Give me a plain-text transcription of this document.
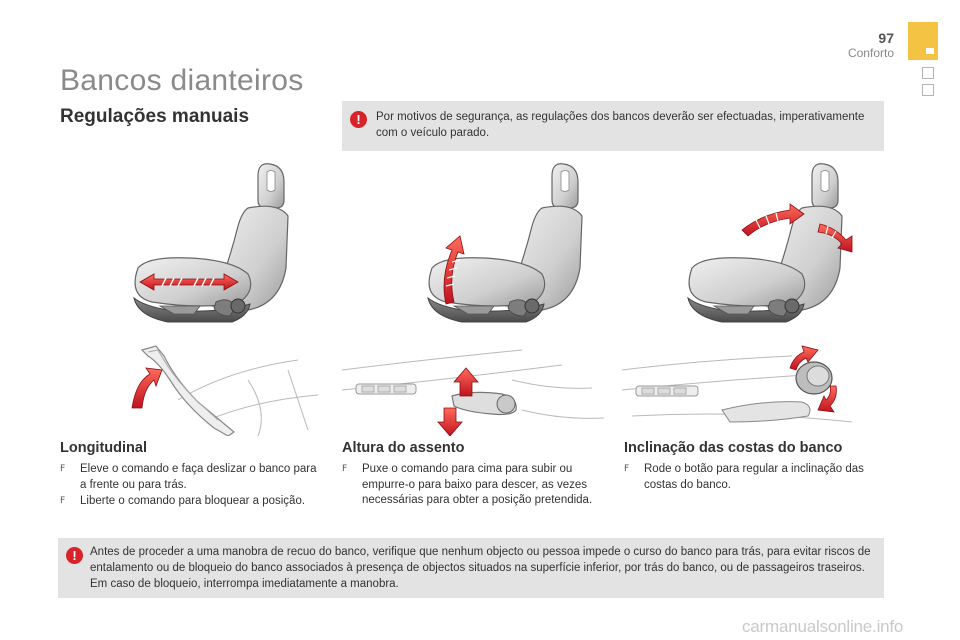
97
Conforto
Bancos dianteiros
Regulações manuais	!	Por motivos de segurança, as regulações dos bancos deverão ser efectuadas, imperativamente com o veículo parado.

Longitudinal
F Eleve o comando e faça deslizar o banco para a frente ou para trás.
F Liberte o comando para bloquear a posição.
Altura do assento
F Puxe o comando para cima para subir ou empurre-o para baixo para descer, as vezes necessárias para obter a posição pretendida.
Inclinação das costas do banco
F Rode o botão para regular a inclinação das costas do banco.
!	Antes de proceder a uma manobra de recuo do banco, verifique que nenhum objecto ou pessoa impede o curso do banco para trás, para evitar riscos de entalamento ou de bloqueio do banco associados à presença de objectos situados na superfície inferior, por trás do banco, ou de passageiros traseiros. Em caso de bloqueio, interrompa imediatamente a manobra.

carmanualsonline.info
